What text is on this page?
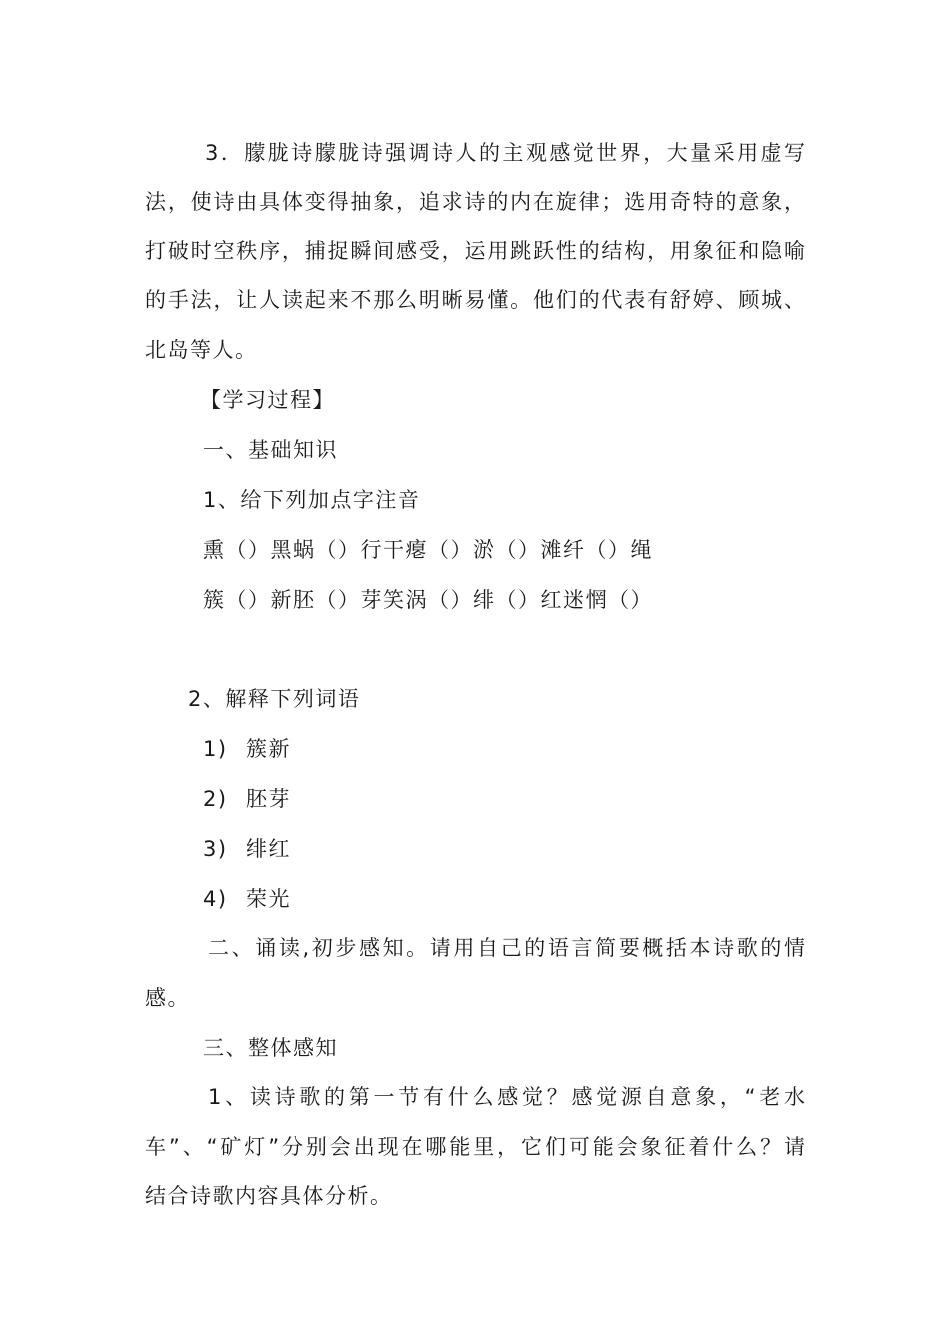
3．朦胧诗朦胧诗强调诗人的主观感觉世界，大量采用虚写
法，使诗由具体变得抽象，追求诗的内在旋律；选用奇特的意象，
打破时空秩序，捕捉瞬间感受，运用跳跃性的结构，用象征和隐喻
的手法，让人读起来不那么明晰易懂。他们的代表有舒婷、顾城、
北岛等人。
【学习过程】
一、基础知识
1、给下列加点字注音
熏（）黑蜗（）行干瘪（）淤（）滩纤（）绳
簇（）新胚（）芽笑涡（）绯（）红迷惘（）
2、解释下列词语
1) 簇新
2) 胚芽
3) 绯红
4) 荣光
二、诵读,初步感知。请用自己的语言简要概括本诗歌的情
感。
三、整体感知
1、读诗歌的第一节有什么感觉？感觉源自意象，“老水
车”、“矿灯”分别会出现在哪能里，它们可能会象征着什么？请
结合诗歌内容具体分析。
